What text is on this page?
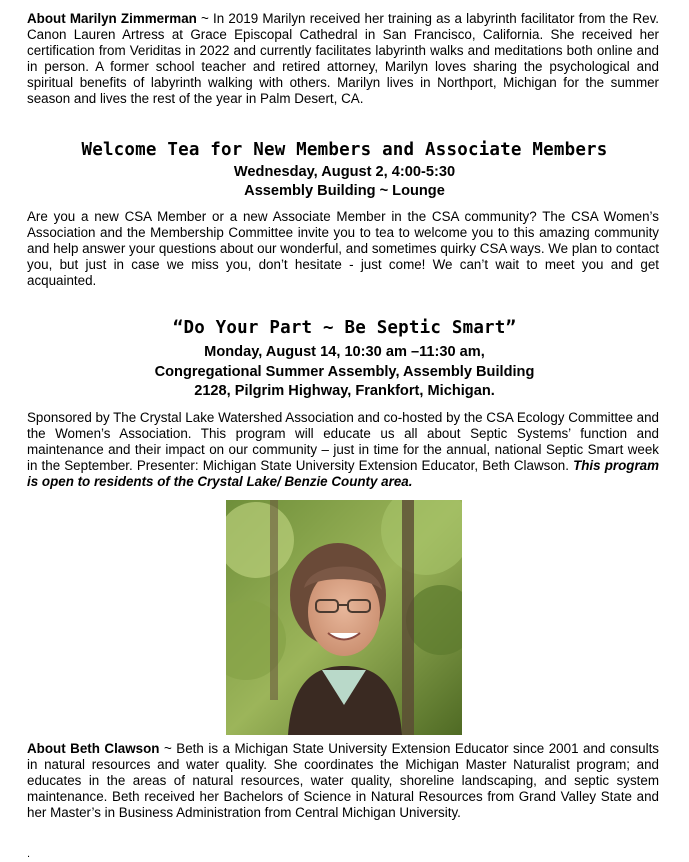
About Marilyn Zimmerman ~ In 2019 Marilyn received her training as a labyrinth facilitator from the Rev. Canon Lauren Artress at Grace Episcopal Cathedral in San Francisco, California. She received her certification from Veriditas in 2022 and currently facilitates labyrinth walks and meditations both online and in person. A former school teacher and retired attorney, Marilyn loves sharing the psychological and spiritual benefits of labyrinth walking with others. Marilyn lives in Northport, Michigan for the summer season and lives the rest of the year in Palm Desert, CA.

Welcome Tea for New Members and Associate Members
Wednesday, August 2, 4:00-5:30
Assembly Building ~ Lounge

Are you a new CSA Member or a new Associate Member in the CSA community? The CSA Women’s Association and the Membership Committee invite you to tea to welcome you to this amazing community and help answer your questions about our wonderful, and sometimes quirky CSA ways. We plan to contact you, but just in case we miss you, don’t hesitate - just come! We can’t wait to meet you and get acquainted.

“Do Your Part ~ Be Septic Smart”
Monday, August 14, 10:30 am –11:30 am,
Congregational Summer Assembly, Assembly Building
2128, Pilgrim Highway, Frankfort, Michigan.

Sponsored by The Crystal Lake Watershed Association and co-hosted by the CSA Ecology Committee and the Women’s Association. This program will educate us all about Septic Systems’ function and maintenance and their impact on our community – just in time for the annual, national Septic Smart week in the September. Presenter: Michigan State University Extension Educator, Beth Clawson. This program is open to residents of the Crystal Lake/ Benzie County area.

About Beth Clawson ~ Beth is a Michigan State University Extension Educator since 2001 and consults in natural resources and water quality. She coordinates the Michigan Master Naturalist program; and educates in the areas of natural resources, water quality, shoreline landscaping, and septic system maintenance. Beth received her Bachelors of Science in Natural Resources from Grand Valley State and her Master’s in Business Administration from Central Michigan University.

.
